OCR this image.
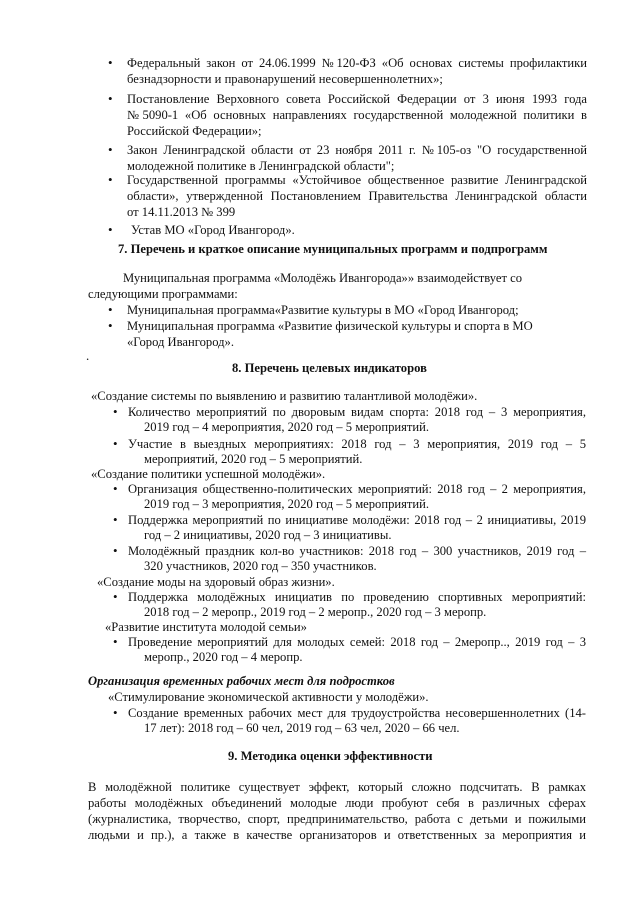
• Федеральный закон от 24.06.1999 №120-ФЗ «Об основах системы профилактики
безнадзорности и правонарушений несовершеннолетних»;
• Постановление Верховного совета Российской Федерации от 3 июня 1993 года
№5090-1 «Об основных направлениях государственной молодежной политики в
Российской Федерации»;
• Закон Ленинградской области от 23 ноября 2011 г. №105-оз "О государственной
молодежной политике в Ленинградской области";
• Государственной программы «Устойчивое общественное развитие Ленинградской
области», утвержденной Постановлением Правительства Ленинградской области
от 14.11.2013 № 399
• Устав МО «Город Ивангород».
7. Перечень и краткое описание муниципальных программ и подпрограмм
Муниципальная программа «Молодёжь Ивангорода»» взаимодействует со
следующими программами:
• Муниципальная программа«Развитие культуры в МО «Город Ивангород;
• Муниципальная программа «Развитие физической культуры и спорта в МО
«Город Ивангород».
.
8. Перечень целевых индикаторов
«Создание системы по выявлению и развитию талантливой молодёжи».
• Количество мероприятий по дворовым видам спорта: 2018 год – 3 мероприятия,
2019 год – 4 мероприятия, 2020 год – 5 мероприятий.
• Участие в выездных мероприятиях: 2018 год – 3 мероприятия, 2019 год – 5
мероприятий, 2020 год – 5 мероприятий.
«Создание политики успешной молодёжи».
• Организация общественно-политических мероприятий: 2018 год – 2 мероприятия,
2019 год – 3 мероприятия, 2020 год – 5 мероприятий.
• Поддержка мероприятий по инициативе молодёжи: 2018 год – 2 инициативы, 2019
год – 2 инициативы, 2020 год – 3 инициативы.
• Молодёжный праздник кол-во участников: 2018 год – 300 участников, 2019 год –
320 участников, 2020 год – 350 участников.
«Создание моды на здоровый образ жизни».
• Поддержка молодёжных инициатив по проведению спортивных мероприятий:
2018 год – 2 меропр., 2019 год – 2 меропр., 2020 год – 3 меропр.
«Развитие института молодой семьи»
• Проведение мероприятий для молодых семей: 2018 год – 2меропр.., 2019 год – 3
меропр., 2020 год – 4 меропр.
Организация временных рабочих мест для подростков
«Стимулирование экономической активности у молодёжи».
• Создание временных рабочих мест для трудоустройства несовершеннолетних (14-
17 лет): 2018 год – 60 чел, 2019 год – 63 чел, 2020 – 66 чел.
9. Методика оценки эффективности
В молодёжной политике существует эффект, который сложно подсчитать. В рамках
работы молодёжных объединений молодые люди пробуют себя в различных сферах
(журналистика, творчество, спорт, предпринимательство, работа с детьми и пожилыми
людьми и пр.), а также в качестве организаторов и ответственных за мероприятия и
